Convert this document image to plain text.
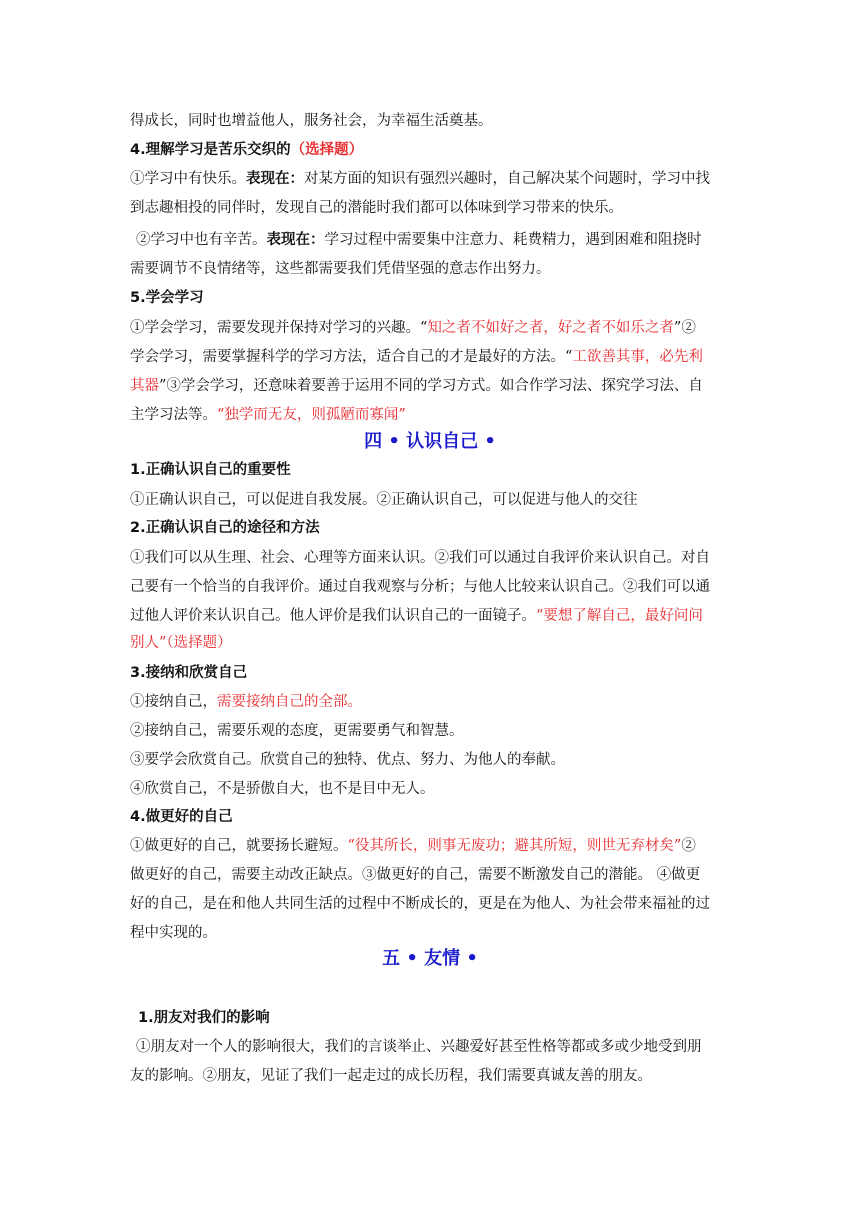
得成长，同时也增益他人，服务社会，为幸福生活奠基。
4.理解学习是苦乐交织的（选择题）
①学习中有快乐。表现在：对某方面的知识有强烈兴趣时，自己解决某个问题时，学习中找
到志趣相投的同伴时，发现自己的潜能时我们都可以体味到学习带来的快乐。
②学习中也有辛苦。表现在：学习过程中需要集中注意力、耗费精力，遇到困难和阻挠时
需要调节不良情绪等，这些都需要我们凭借坚强的意志作出努力。
5.学会学习
①学会学习，需要发现并保持对学习的兴趣。“知之者不如好之者，好之者不如乐之者”②
学会学习，需要掌握科学的学习方法，适合自己的才是最好的方法。“工欲善其事，必先利
其器”③学会学习，还意味着要善于运用不同的学习方式。如合作学习法、探究学习法、自
主学习法等。“独学而无友，则孤陋而寡闻”
四 • 认识自己 •
1.正确认识自己的重要性
①正确认识自己，可以促进自我发展。②正确认识自己，可以促进与他人的交往
2.正确认识自己的途径和方法
①我们可以从生理、社会、心理等方面来认识。②我们可以通过自我评价来认识自己。对自
己要有一个恰当的自我评价。通过自我观察与分析；与他人比较来认识自己。②我们可以通
过他人评价来认识自己。他人评价是我们认识自己的一面镜子。“要想了解自己，最好问问
别人”（选择题）
3.接纳和欣赏自己
①接纳自己，需要接纳自己的全部。
②接纳自己，需要乐观的态度，更需要勇气和智慧。
③要学会欣赏自己。欣赏自己的独特、优点、努力、为他人的奉献。
④欣赏自己，不是骄傲自大，也不是目中无人。
4.做更好的自己
①做更好的自己，就要扬长避短。“役其所长，则事无废功；避其所短，则世无弃材矣”②
做更好的自己，需要主动改正缺点。③做更好的自己，需要不断激发自己的潜能。 ④做更
好的自己，是在和他人共同生活的过程中不断成长的，更是在为他人、为社会带来福祉的过
程中实现的。
五 • 友情 •
1.朋友对我们的影响
①朋友对一个人的影响很大，我们的言谈举止、兴趣爱好甚至性格等都或多或少地受到朋
友的影响。②朋友，见证了我们一起走过的成长历程，我们需要真诚友善的朋友。
